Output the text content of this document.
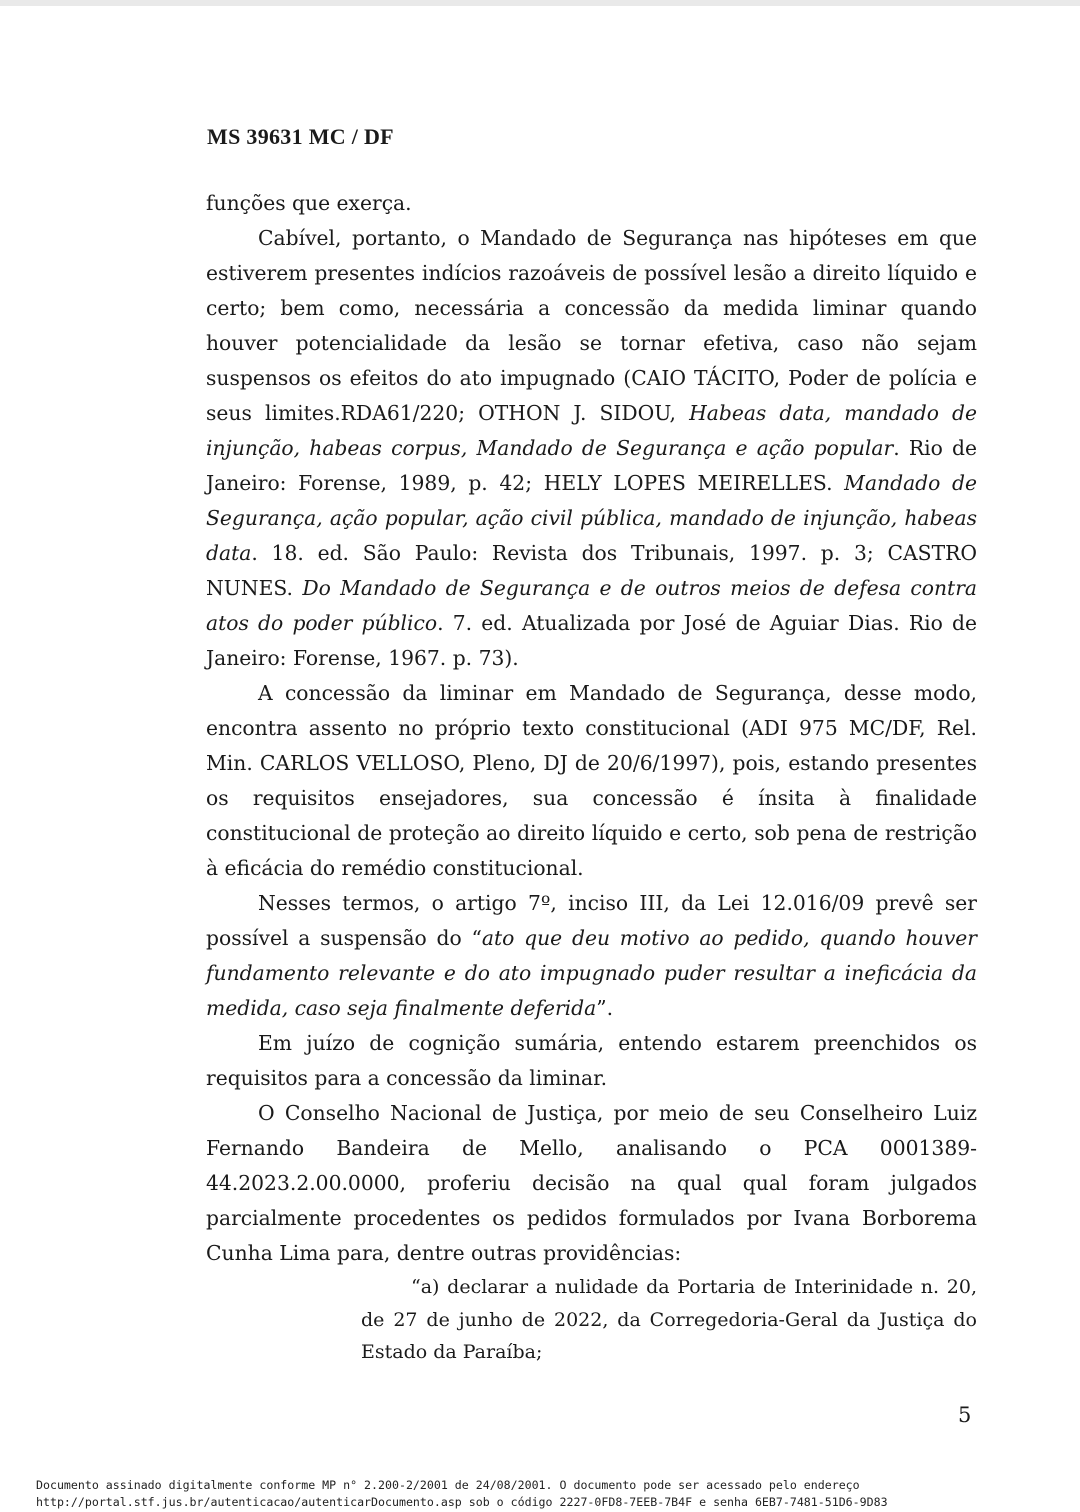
MS 39631 MC / DF

funções que exerça.

Cabível, portanto, o Mandado de Segurança nas hipóteses em que estiverem presentes indícios razoáveis de possível lesão a direito líquido e certo; bem como, necessária a concessão da medida liminar quando houver potencialidade da lesão se tornar efetiva, caso não sejam suspensos os efeitos do ato impugnado (CAIO TÁCITO, Poder de polícia e seus limites.RDA61/220; OTHON J. SIDOU, Habeas data, mandado de injunção, habeas corpus, Mandado de Segurança e ação popular. Rio de Janeiro: Forense, 1989, p. 42; HELY LOPES MEIRELLES. Mandado de Segurança, ação popular, ação civil pública, mandado de injunção, habeas data. 18. ed. São Paulo: Revista dos Tribunais, 1997. p. 3; CASTRO NUNES. Do Mandado de Segurança e de outros meios de defesa contra atos do poder público. 7. ed. Atualizada por José de Aguiar Dias. Rio de Janeiro: Forense, 1967. p. 73).

A concessão da liminar em Mandado de Segurança, desse modo, encontra assento no próprio texto constitucional (ADI 975 MC/DF, Rel. Min. CARLOS VELLOSO, Pleno, DJ de 20/6/1997), pois, estando presentes os requisitos ensejadores, sua concessão é ínsita à finalidade constitucional de proteção ao direito líquido e certo, sob pena de restrição à eficácia do remédio constitucional.

Nesses termos, o artigo 7º, inciso III, da Lei 12.016/09 prevê ser possível a suspensão do “ato que deu motivo ao pedido, quando houver fundamento relevante e do ato impugnado puder resultar a ineficácia da medida, caso seja finalmente deferida”.

Em juízo de cognição sumária, entendo estarem preenchidos os requisitos para a concessão da liminar.

O Conselho Nacional de Justiça, por meio de seu Conselheiro Luiz Fernando Bandeira de Mello, analisando o PCA 0001389-44.2023.2.00.0000, proferiu decisão na qual qual foram julgados parcialmente procedentes os pedidos formulados por Ivana Borborema Cunha Lima para, dentre outras providências:

“a) declarar a nulidade da Portaria de Interinidade n. 20, de 27 de junho de 2022, da Corregedoria-Geral da Justiça do Estado da Paraíba;

5
Documento assinado digitalmente conforme MP n° 2.200-2/2001 de 24/08/2001. O documento pode ser acessado pelo endereço
http://portal.stf.jus.br/autenticacao/autenticarDocumento.asp sob o código 2227-0FD8-7EEB-7B4F e senha 6EB7-7481-51D6-9D83
